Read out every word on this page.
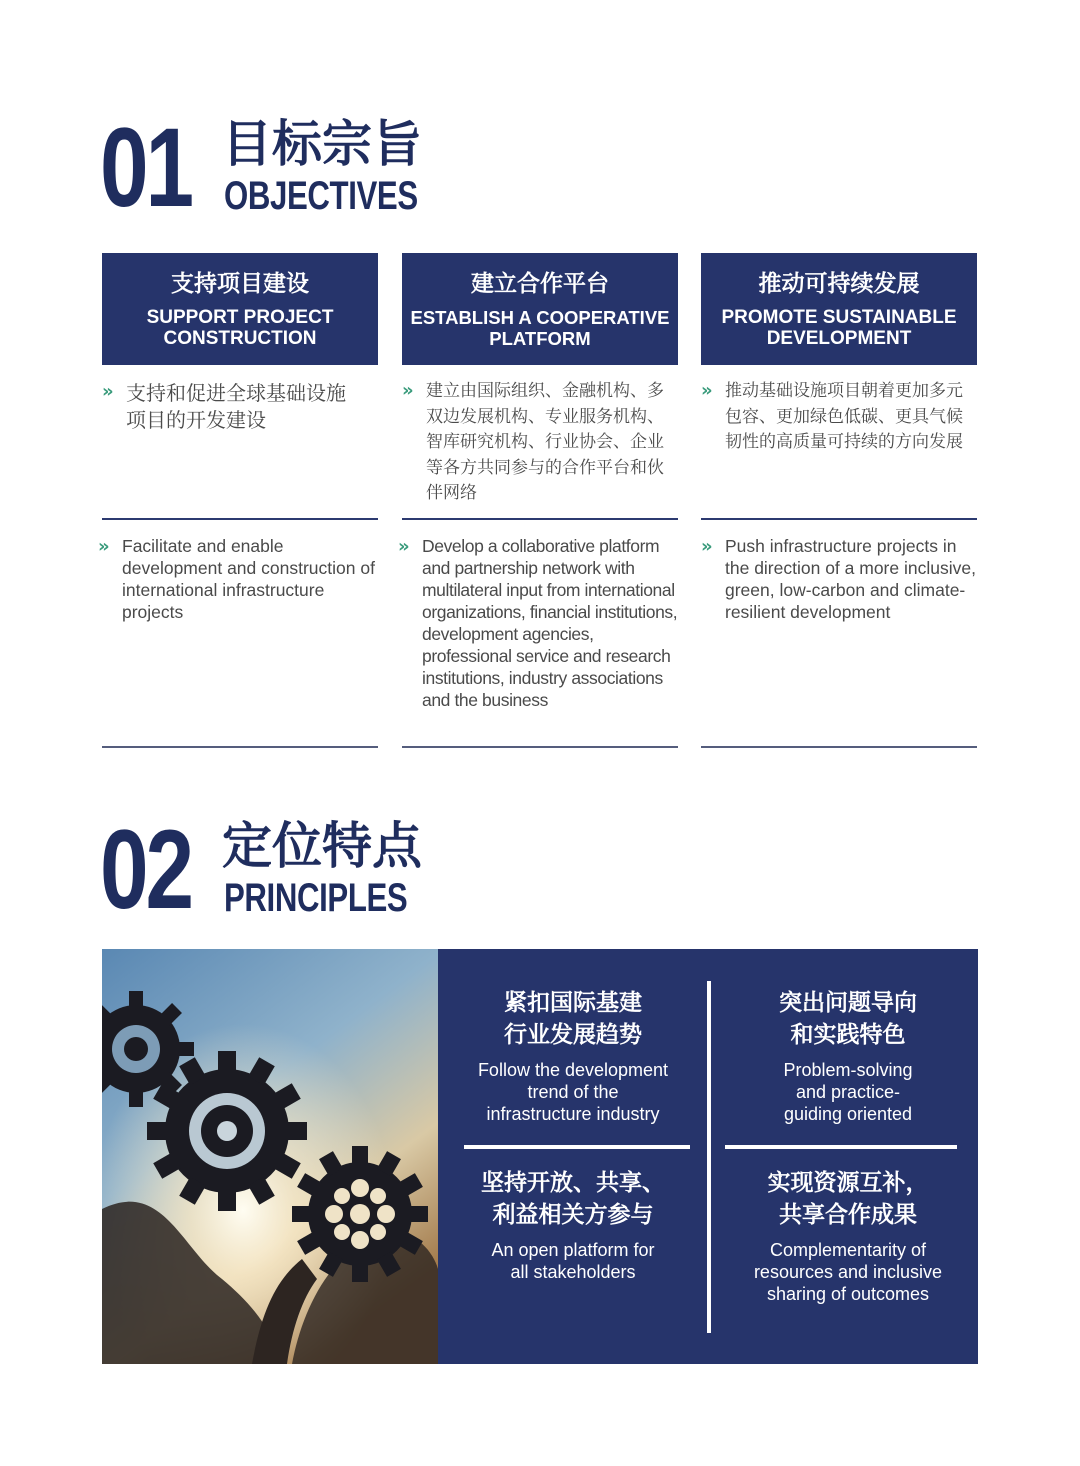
01 目标宗旨
OBJECTIVES
支持项目建设
SUPPORT PROJECT
CONSTRUCTION
» 支持和促进全球基础设施项目的开发建设
建立合作平台
ESTABLISH A COOPERATIVE
PLATFORM
» 建立由国际组织、金融机构、多双边发展机构、专业服务机构、智库研究机构、行业协会、企业等各方共同参与的合作平台和伙伴网络
推动可持续发展
PROMOTE SUSTAINABLE
DEVELOPMENT
» 推动基础设施项目朝着更加多元包容、更加绿色低碳、更具气候韧性的高质量可持续的方向发展
» Facilitate and enable development and construction of international infrastructure projects
» Develop a collaborative platform and partnership network with multilateral input from international organizations, financial institutions, development agencies, professional service and research institutions, industry associations and the business
» Push infrastructure projects in the direction of a more inclusive, green, low-carbon and climate-resilient development
02 定位特点
PRINCIPLES
紧扣国际基建
行业发展趋势
Follow the development
trend of the
infrastructure industry
突出问题导向
和实践特色
Problem-solving
and practice-
guiding oriented
坚持开放、共享、
利益相关方参与
An open platform for
all stakeholders
实现资源互补，
共享合作成果
Complementarity of
resources and inclusive
sharing of outcomes
